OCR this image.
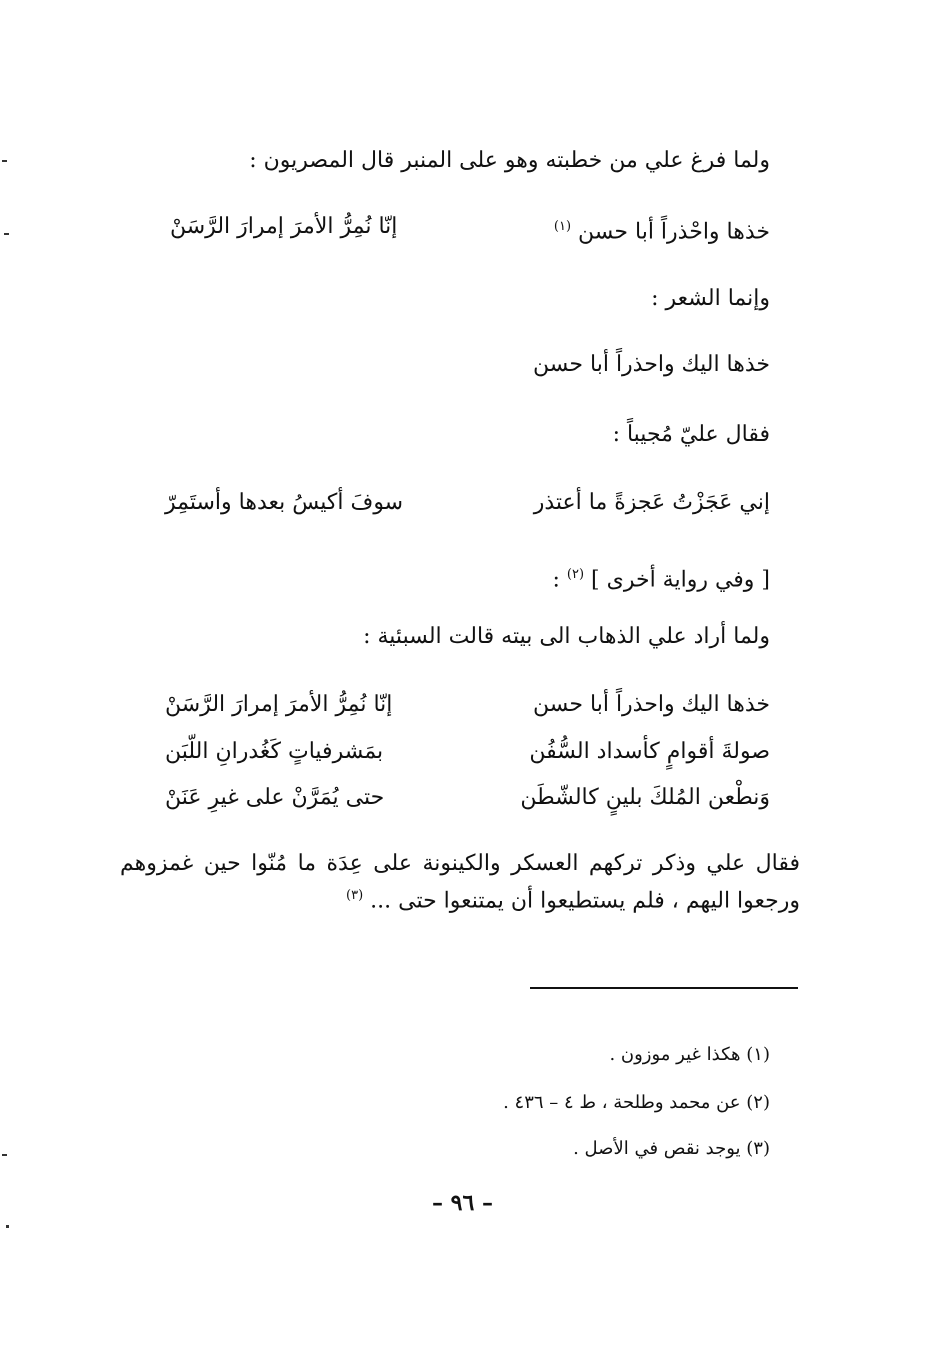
ولما فرغ علي من خطبته وهو على المنبر قال المصريون :
خذها واحْذراً أبا حسن $^{(١)}$
إنّا نُمِرُّ الأمرَ إمرارَ الرَّسَنْ
وإنما الشعر :
خذها اليك واحذراً أبا حسن
فقال عليّ مُجيباً :
إني عَجَزْتُ عَجزةً ما أعتذر
سوفَ أكيسُ بعدها وأستَمِرّ
[ وفي رواية أخرى ] $^{(٢)}$ :
ولما أراد علي الذهاب الى بيته قالت السبئية :
خذها اليك واحذراً أبا حسن
إنّا نُمِرُّ الأمرَ إمرارَ الرَّسَنْ
صولةَ أقوامٍ كأسداد السُّفُن
بمَشرفياتٍ كَغُدرانِ اللّبَن
وَنطْعن المُلكَ بلينٍ كالشّطَن
حتى يُمَرَّنْ على غيرِ عَنَنْ
فقال علي وذكر تركهم العسكر والكينونة على عِدَة ما مُنّوا حين غمزوهم ورجعوا اليهم ، فلم يستطيعوا أن يمتنعوا حتى ... $^{(٣)}$
(١) هكذا غير موزون .
(٢) عن محمد وطلحة ، ط ٤ – ٤٣٦ .
(٣) يوجد نقص في الأصل .
– ٩٦ –
